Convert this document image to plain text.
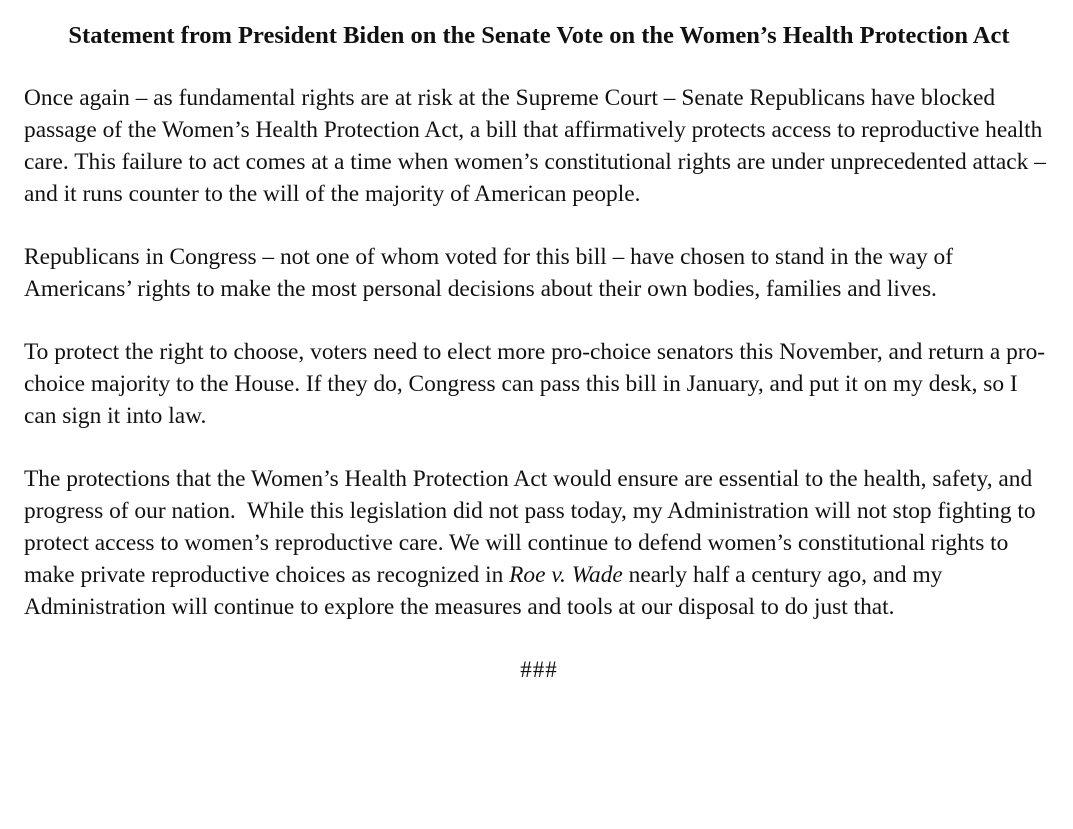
Statement from President Biden on the Senate Vote on the Women’s Health Protection Act

Once again – as fundamental rights are at risk at the Supreme Court – Senate Republicans have blocked passage of the Women’s Health Protection Act, a bill that affirmatively protects access to reproductive health care. This failure to act comes at a time when women’s constitutional rights are under unprecedented attack – and it runs counter to the will of the majority of American people.

Republicans in Congress – not one of whom voted for this bill – have chosen to stand in the way of Americans’ rights to make the most personal decisions about their own bodies, families and lives.

To protect the right to choose, voters need to elect more pro-choice senators this November, and return a pro-choice majority to the House. If they do, Congress can pass this bill in January, and put it on my desk, so I can sign it into law.

The protections that the Women’s Health Protection Act would ensure are essential to the health, safety, and progress of our nation.  While this legislation did not pass today, my Administration will not stop fighting to protect access to women’s reproductive care. We will continue to defend women’s constitutional rights to make private reproductive choices as recognized in Roe v. Wade nearly half a century ago, and my Administration will continue to explore the measures and tools at our disposal to do just that.

###
